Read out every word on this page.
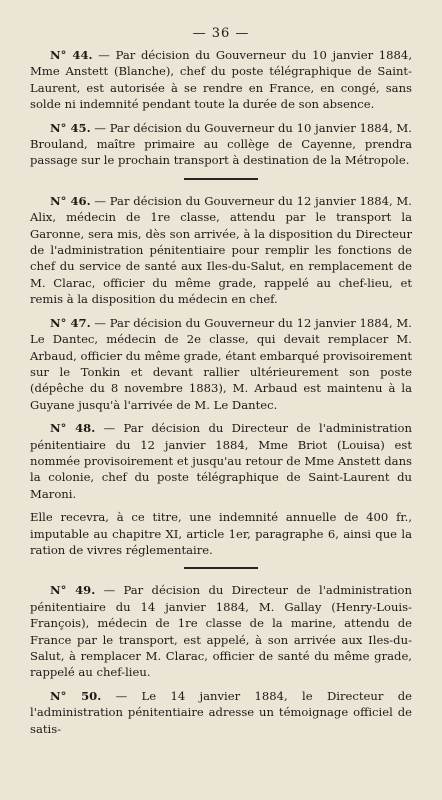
— 36 —

N° 44. — Par décision du Gouverneur du 10 janvier 1884, Mme Anstett (Blanche), chef du poste télégraphique de Saint-Laurent, est autorisée à se rendre en France, en congé, sans solde ni indemnité pendant toute la durée de son absence.

N° 45. — Par décision du Gouverneur du 10 janvier 1884, M. Brouland, maître primaire au collège de Cayenne, prendra passage sur le prochain transport à destination de la Métropole.

N° 46. — Par décision du Gouverneur du 12 janvier 1884, M. Alix, médecin de 1re classe, attendu par le transport la Garonne, sera mis, dès son arrivée, à la disposition du Directeur de l'administration pénitentiaire pour remplir les fonctions de chef du service de santé aux Iles-du-Salut, en remplacement de M. Clarac, officier du même grade, rappelé au chef-lieu, et remis à la disposition du médecin en chef.

N° 47. — Par décision du Gouverneur du 12 janvier 1884, M. Le Dantec, médecin de 2e classe, qui devait remplacer M. Arbaud, officier du même grade, étant embarqué provisoirement sur le Tonkin et devant rallier ultérieurement son poste (dépêche du 8 novembre 1883), M. Arbaud est maintenu à la Guyane jusqu'à l'arrivée de M. Le Dantec.

N° 48. — Par décision du Directeur de l'administration pénitentiaire du 12 janvier 1884, Mme Briot (Louisa) est nommée provisoirement et jusqu'au retour de Mme Anstett dans la colonie, chef du poste télégraphique de Saint-Laurent du Maroni.

Elle recevra, à ce titre, une indemnité annuelle de 400 fr., imputable au chapitre XI, article 1er, paragraphe 6, ainsi que la ration de vivres réglementaire.

N° 49. — Par décision du Directeur de l'administration pénitentiaire du 14 janvier 1884, M. Gallay (Henry-Louis-François), médecin de 1re classe de la marine, attendu de France par le transport, est appelé, à son arrivée aux Iles-du-Salut, à remplacer M. Clarac, officier de santé du même grade, rappelé au chef-lieu.

N° 50. — Le 14 janvier 1884, le Directeur de l'administration pénitentiaire adresse un témoignage officiel de satis-
